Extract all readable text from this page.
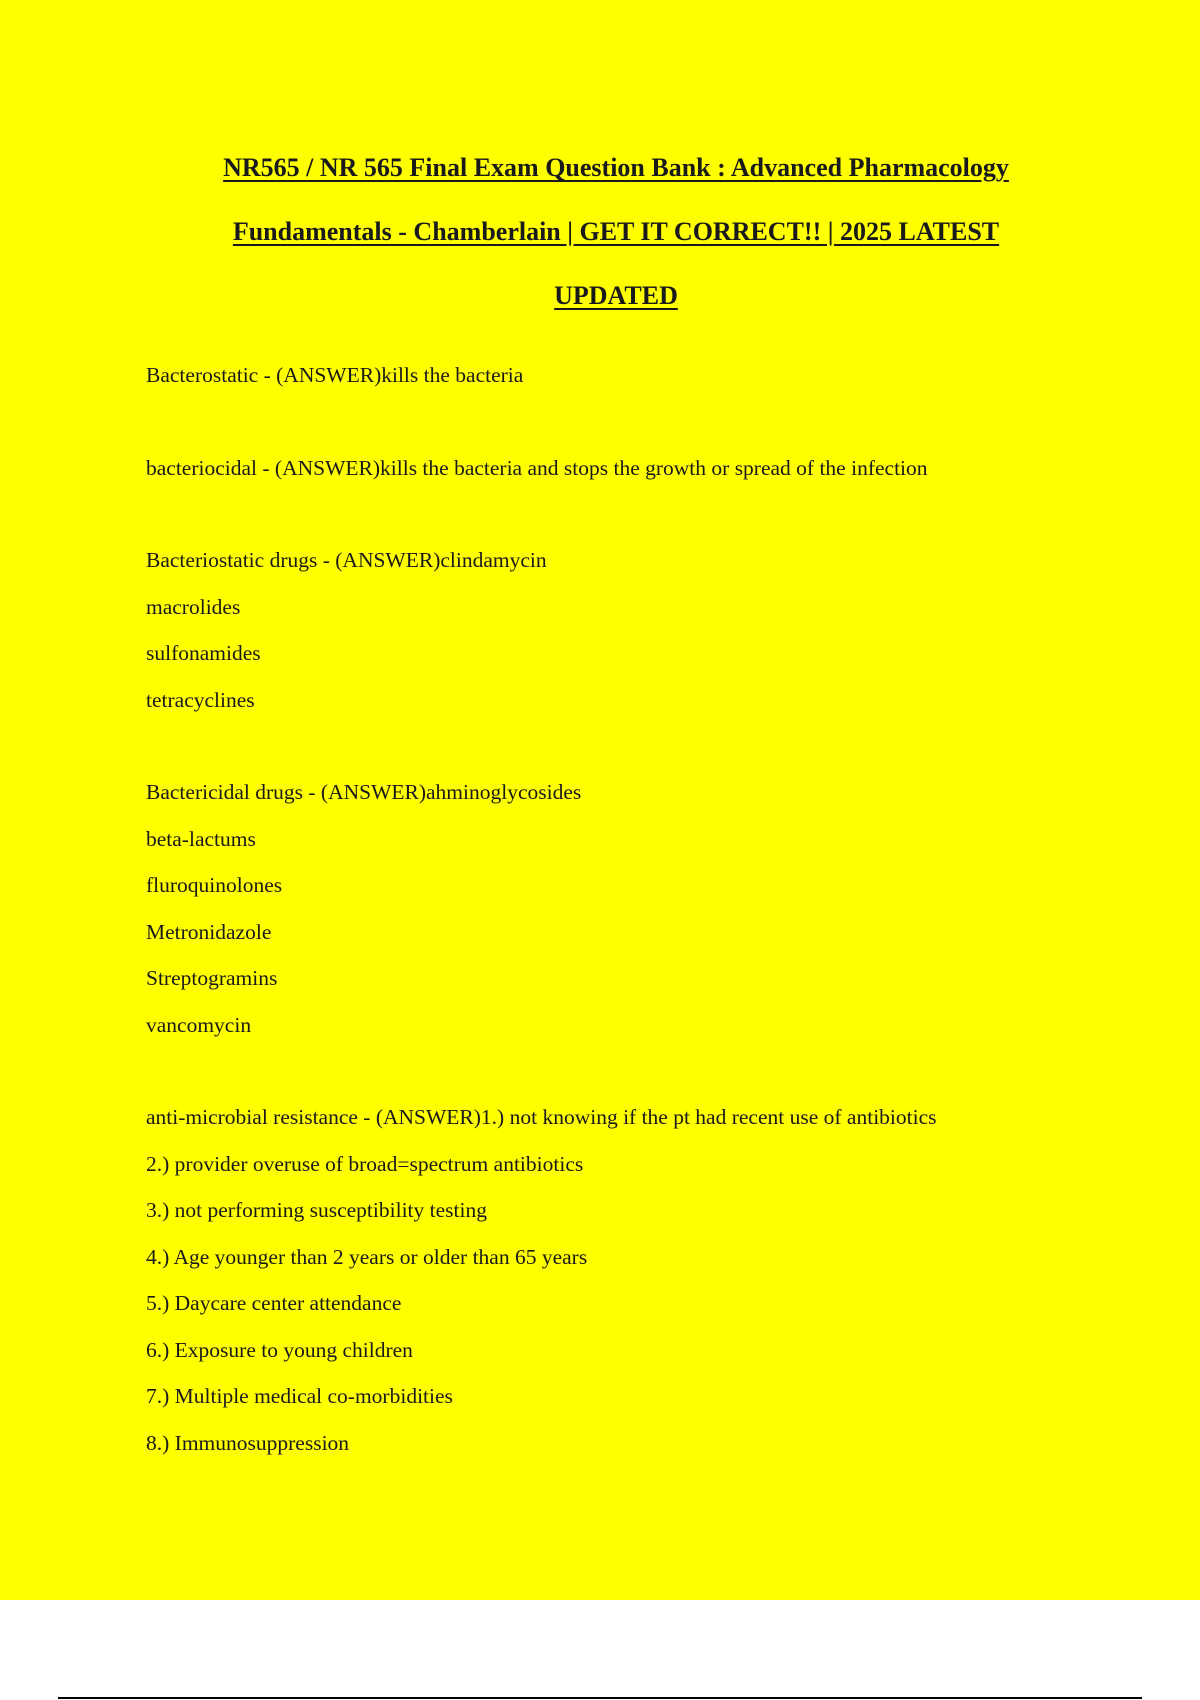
NR565 / NR 565 Final Exam Question Bank : Advanced Pharmacology
Fundamentals - Chamberlain | GET IT CORRECT!! | 2025 LATEST
UPDATED

Bacterostatic - (ANSWER)kills the bacteria

bacteriocidal - (ANSWER)kills the bacteria and stops the growth or spread of the infection

Bacteriostatic drugs - (ANSWER)clindamycin

macrolides

sulfonamides

tetracyclines

Bactericidal drugs - (ANSWER)ahminoglycosides

beta-lactums

fluroquinolones

Metronidazole

Streptogramins

vancomycin

anti-microbial resistance - (ANSWER)1.) not knowing if the pt had recent use of antibiotics

2.) provider overuse of broad=spectrum antibiotics

3.) not performing susceptibility testing

4.) Age younger than 2 years or older than 65 years

5.) Daycare center attendance

6.) Exposure to young children

7.) Multiple medical co-morbidities

8.) Immunosuppression
